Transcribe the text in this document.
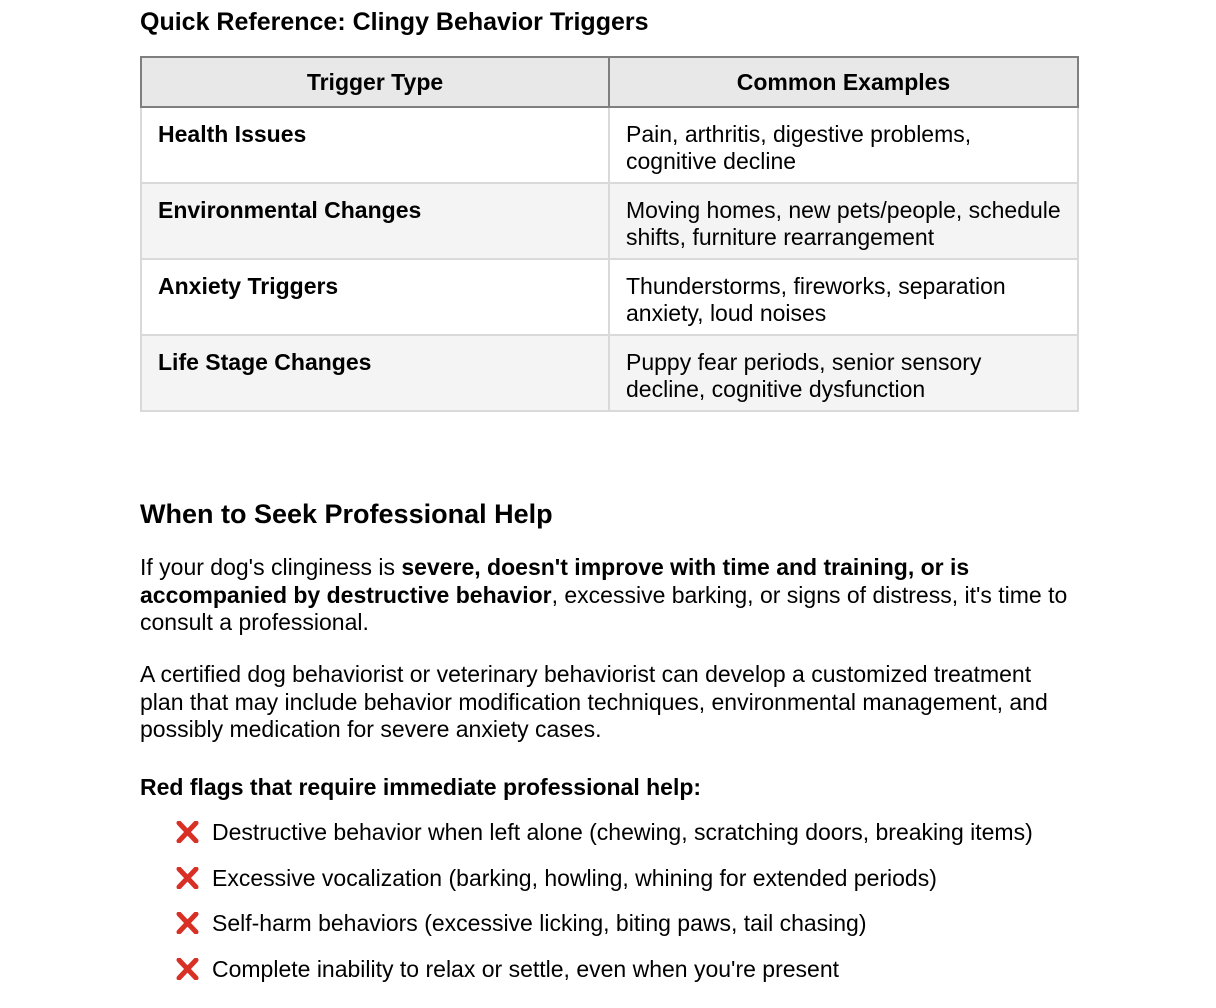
Quick Reference: Clingy Behavior Triggers
Trigger Type	Common Examples
Health Issues	Pain, arthritis, digestive problems, cognitive decline
Environmental Changes	Moving homes, new pets/people, schedule shifts, furniture rearrangement
Anxiety Triggers	Thunderstorms, fireworks, separation anxiety, loud noises
Life Stage Changes	Puppy fear periods, senior sensory decline, cognitive dysfunction
When to Seek Professional Help

If your dog's clinginess is severe, doesn't improve with time and training, or is accompanied by destructive behavior, excessive barking, or signs of distress, it's time to consult a professional.

A certified dog behaviorist or veterinary behaviorist can develop a customized treatment plan that may include behavior modification techniques, environmental management, and possibly medication for severe anxiety cases.

Red flags that require immediate professional help:

Destructive behavior when left alone (chewing, scratching doors, breaking items)
Excessive vocalization (barking, howling, whining for extended periods)
Self-harm behaviors (excessive licking, biting paws, tail chasing)
Complete inability to relax or settle, even when you're present
